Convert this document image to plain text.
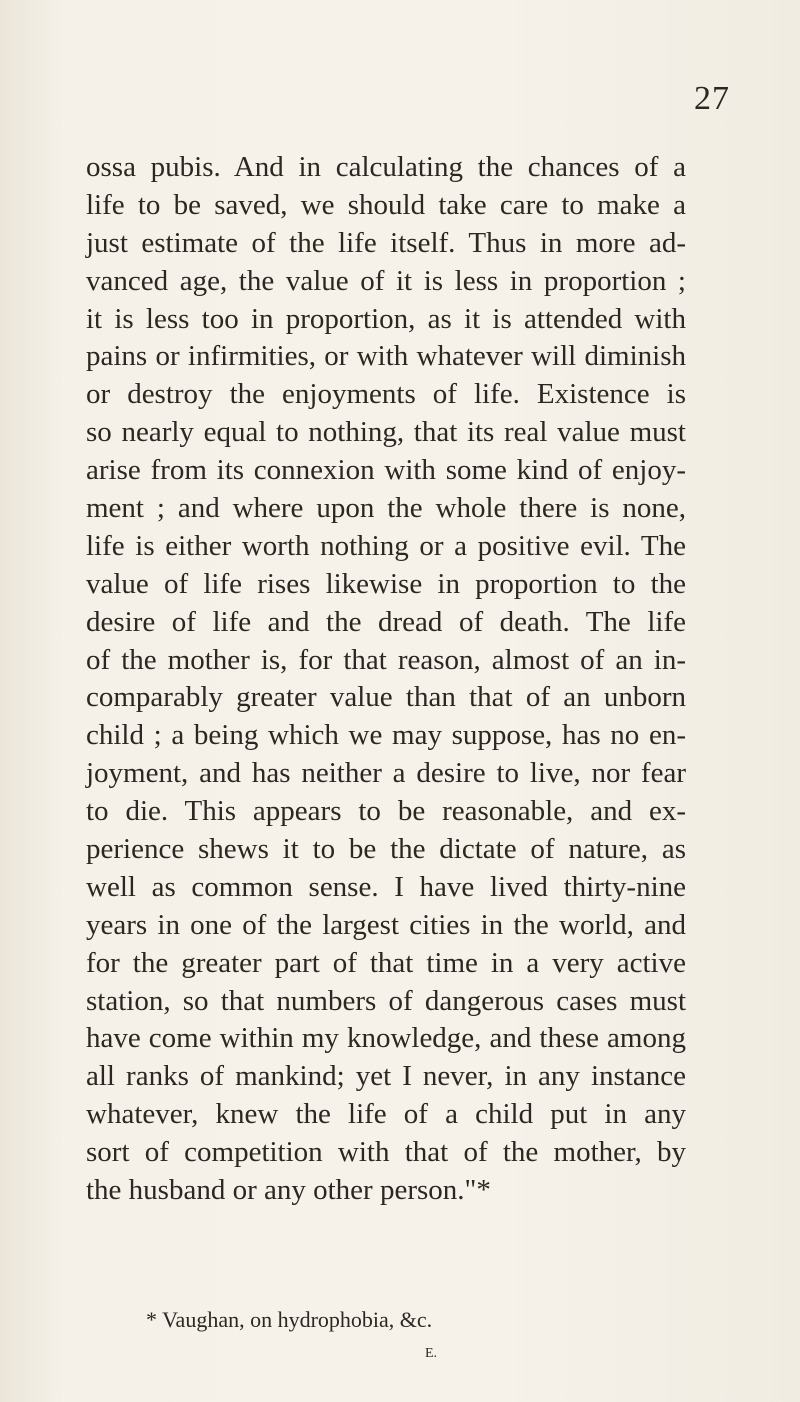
27
ossa pubis. And in calculating the chances of a
life to be saved, we should take care to make a
just estimate of the life itself. Thus in more ad-
vanced age, the value of it is less in proportion ;
it is less too in proportion, as it is attended with
pains or infirmities, or with whatever will diminish
or destroy the enjoyments of life. Existence is
so nearly equal to nothing, that its real value must
arise from its connexion with some kind of enjoy-
ment ; and where upon the whole there is none,
life is either worth nothing or a positive evil. The
value of life rises likewise in proportion to the
desire of life and the dread of death. The life
of the mother is, for that reason, almost of an in-
comparably greater value than that of an unborn
child ; a being which we may suppose, has no en-
joyment, and has neither a desire to live, nor fear
to die. This appears to be reasonable, and ex-
perience shews it to be the dictate of nature, as
well as common sense. I have lived thirty-nine
years in one of the largest cities in the world, and
for the greater part of that time in a very active
station, so that numbers of dangerous cases must
have come within my knowledge, and these among
all ranks of mankind; yet I never, in any instance
whatever, knew the life of a child put in any
sort of competition with that of the mother, by
the husband or any other person."*
* Vaughan, on hydrophobia, &c.
E.
